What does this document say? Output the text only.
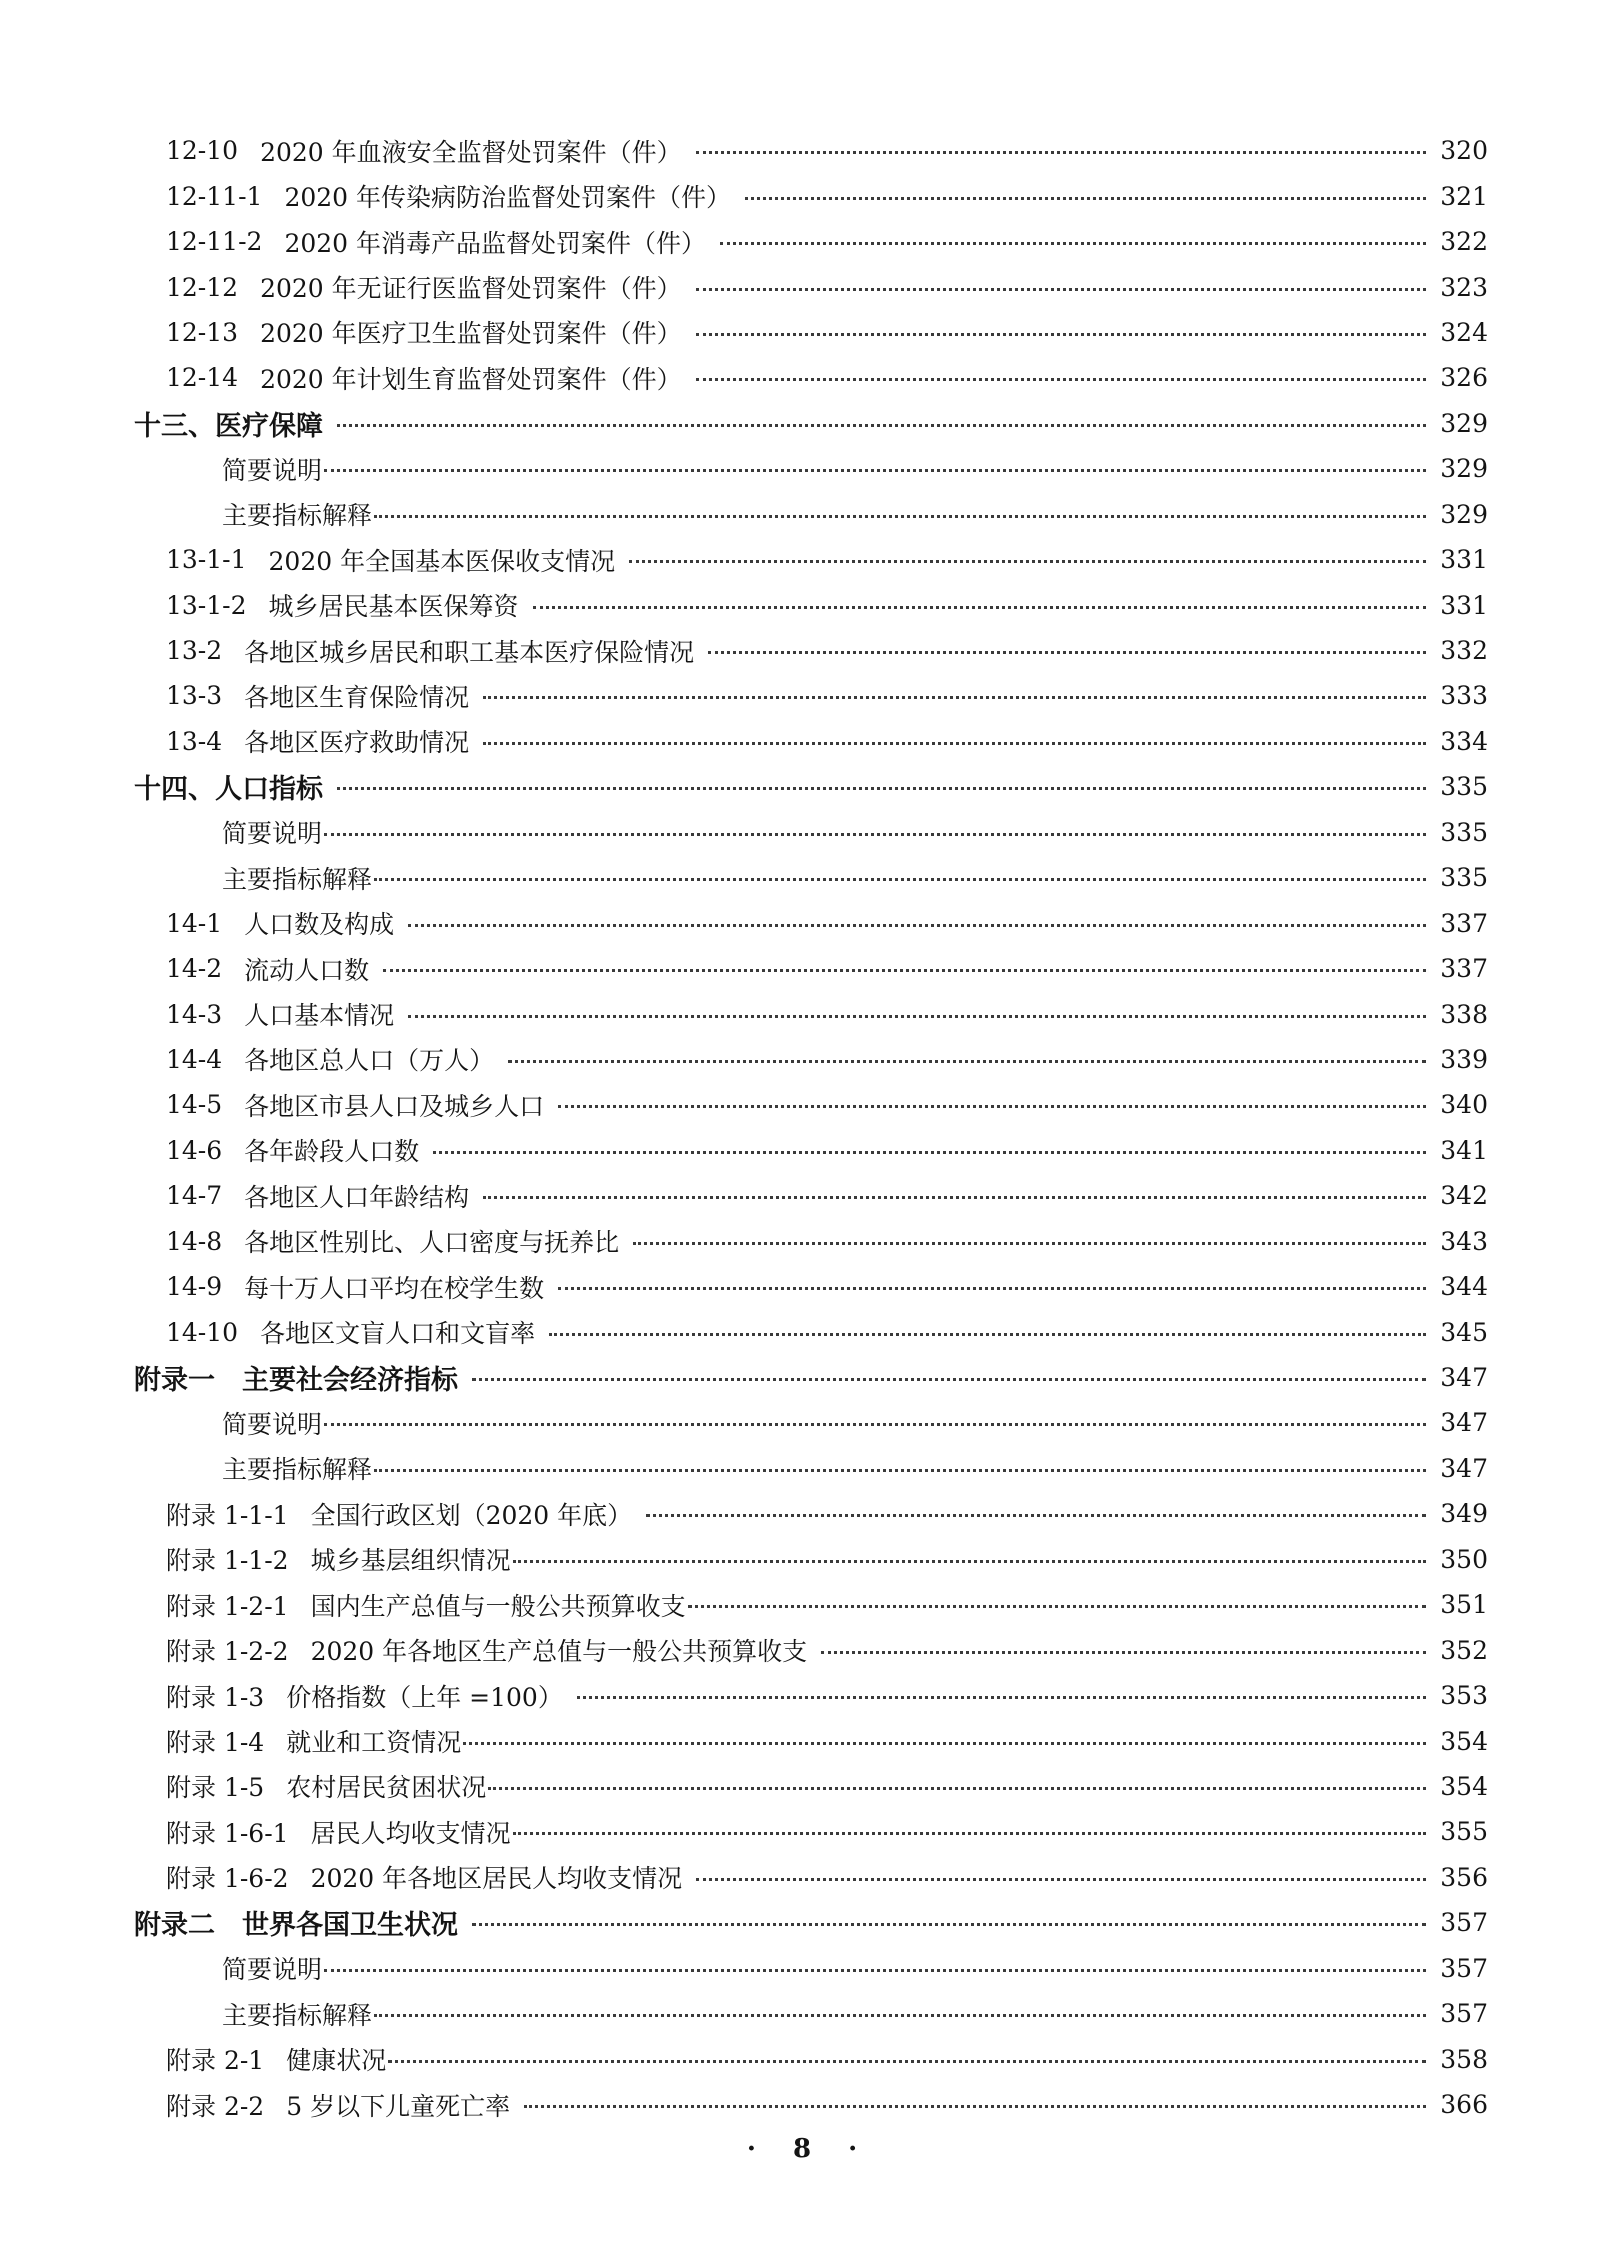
12-10 2020 年血液安全监督处罚案件（件）	320
12-11-1 2020 年传染病防治监督处罚案件（件）	321
12-11-2 2020 年消毒产品监督处罚案件（件）	322
12-12 2020 年无证行医监督处罚案件（件）	323
12-13 2020 年医疗卫生监督处罚案件（件）	324
12-14 2020 年计划生育监督处罚案件（件）	326
十三、医疗保障	329
简要说明	329
主要指标解释	329
13-1-1 2020 年全国基本医保收支情况	331
13-1-2 城乡居民基本医保筹资	331
13-2 各地区城乡居民和职工基本医疗保险情况	332
13-3 各地区生育保险情况	333
13-4 各地区医疗救助情况	334
十四、人口指标	335
简要说明	335
主要指标解释	335
14-1 人口数及构成	337
14-2 流动人口数	337
14-3 人口基本情况	338
14-4 各地区总人口（万人）	339
14-5 各地区市县人口及城乡人口	340
14-6 各年龄段人口数	341
14-7 各地区人口年龄结构	342
14-8 各地区性别比、人口密度与抚养比	343
14-9 每十万人口平均在校学生数	344
14-10 各地区文盲人口和文盲率	345
附录一　主要社会经济指标	347
简要说明	347
主要指标解释	347
附录 1-1-1 全国行政区划（2020 年底）	349
附录 1-1-2 城乡基层组织情况	350
附录 1-2-1 国内生产总值与一般公共预算收支	351
附录 1-2-2 2020 年各地区生产总值与一般公共预算收支	352
附录 1-3 价格指数（上年 =100）	353
附录 1-4 就业和工资情况	354
附录 1-5 农村居民贫困状况	354
附录 1-6-1 居民人均收支情况	355
附录 1-6-2 2020 年各地区居民人均收支情况	356
附录二　世界各国卫生状况	357
简要说明	357
主要指标解释	357
附录 2-1 健康状况	358
附录 2-2 5 岁以下儿童死亡率	366
· 8 ·
